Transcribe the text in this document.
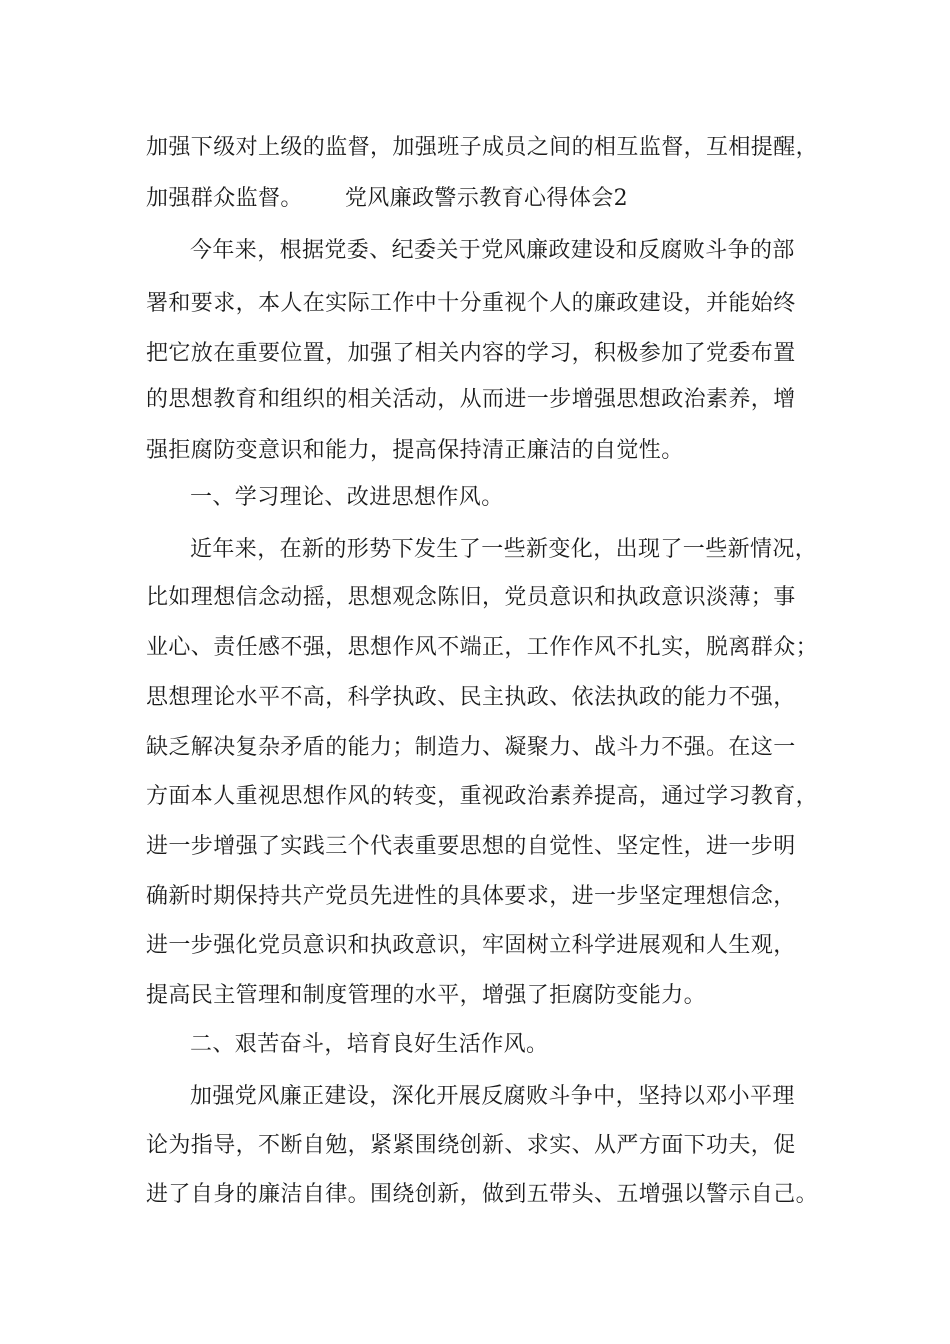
加强下级对上级的监督，加强班子成员之间的相互监督，互相提醒，
加强群众监督。 党风廉政警示教育心得体会2
今年来，根据党委、纪委关于党风廉政建设和反腐败斗争的部
署和要求，本人在实际工作中十分重视个人的廉政建设，并能始终
把它放在重要位置，加强了相关内容的学习，积极参加了党委布置
的思想教育和组织的相关活动，从而进一步增强思想政治素养，增
强拒腐防变意识和能力，提高保持清正廉洁的自觉性。
一、学习理论、改进思想作风。
近年来，在新的形势下发生了一些新变化，出现了一些新情况，
比如理想信念动摇，思想观念陈旧，党员意识和执政意识淡薄；事
业心、责任感不强，思想作风不端正，工作作风不扎实，脱离群众；
思想理论水平不高，科学执政、民主执政、依法执政的能力不强，
缺乏解决复杂矛盾的能力；制造力、凝聚力、战斗力不强。在这一
方面本人重视思想作风的转变，重视政治素养提高，通过学习教育，
进一步增强了实践三个代表重要思想的自觉性、坚定性，进一步明
确新时期保持共产党员先进性的具体要求，进一步坚定理想信念，
进一步强化党员意识和执政意识，牢固树立科学进展观和人生观，
提高民主管理和制度管理的水平，增强了拒腐防变能力。
二、艰苦奋斗，培育良好生活作风。
加强党风廉正建设，深化开展反腐败斗争中，坚持以邓小平理
论为指导，不断自勉，紧紧围绕创新、求实、从严方面下功夫，促
进了自身的廉洁自律。围绕创新，做到五带头、五增强以警示自己。
